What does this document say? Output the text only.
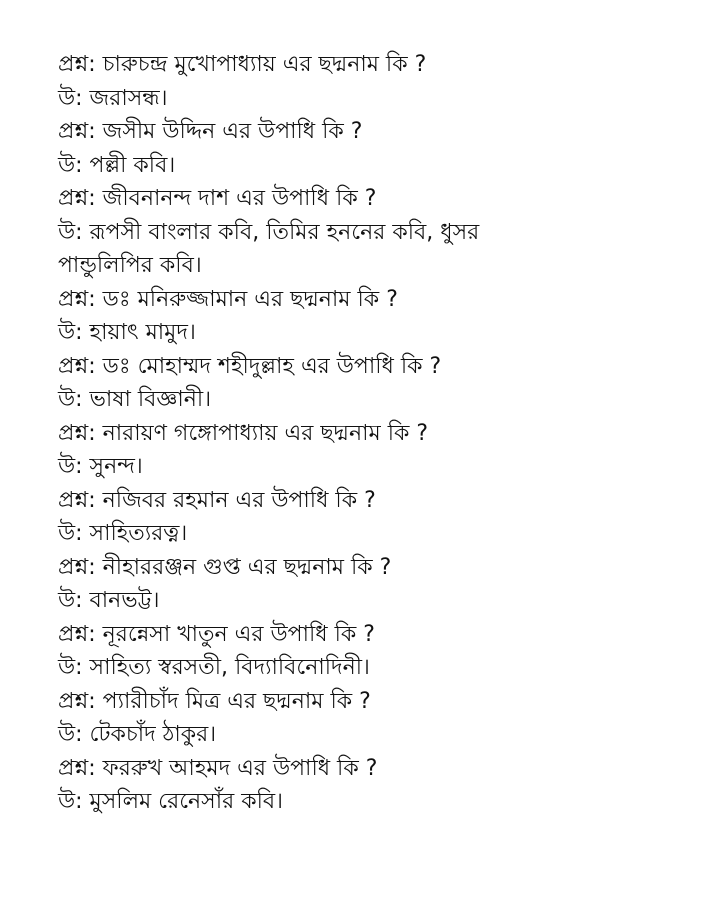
প্রশ্ন: চারুচন্দ্র মুখোপাধ্যায় এর ছদ্মনাম কি ?
উ: জরাসন্ধ।
প্রশ্ন: জসীম উদ্দিন এর উপাধি কি ?
উ: পল্লী কবি।
প্রশ্ন: জীবনানন্দ দাশ এর উপাধি কি ?
উ: রূপসী বাংলার কবি, তিমির হননের কবি, ধুসর
পান্ডুলিপির কবি।
প্রশ্ন: ডঃ মনিরুজ্জামান এর ছদ্মনাম কি ?
উ: হায়াৎ মামুদ।
প্রশ্ন: ডঃ মোহাম্মদ শহীদুল্লাহ এর উপাধি কি ?
উ: ভাষা বিজ্ঞানী।
প্রশ্ন: নারায়ণ গঙ্গোপাধ্যায় এর ছদ্মনাম কি ?
উ: সুনন্দ।
প্রশ্ন: নজিবর রহমান এর উপাধি কি ?
উ: সাহিত্যরত্ন।
প্রশ্ন: নীহাররঞ্জন গুপ্ত এর ছদ্মনাম কি ?
উ: বানভট্ট।
প্রশ্ন: নূরন্নেসা খাতুন এর উপাধি কি ?
উ: সাহিত্য স্বরসতী, বিদ্যাবিনোদিনী।
প্রশ্ন: প্যারীচাঁদ মিত্র এর ছদ্মনাম কি ?
উ: টেকচাঁদ ঠাকুর।
প্রশ্ন: ফররুখ আহমদ এর উপাধি কি ?
উ: মুসলিম রেনেসাঁর কবি।
